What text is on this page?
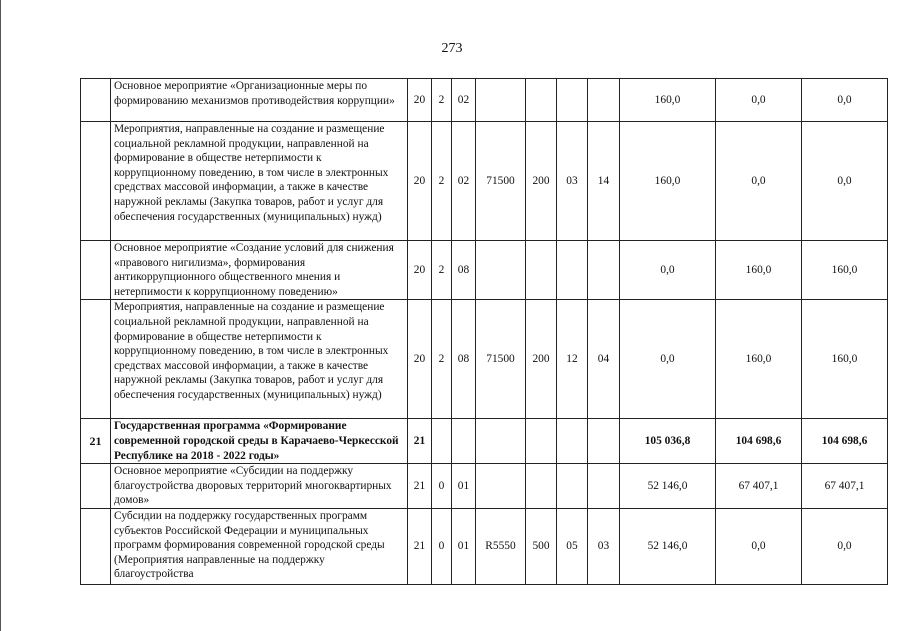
273
	Основное мероприятие «Организационные меры по формированию механизмов противодействия коррупции»	20	2	02					160,0	0,0	0,0
	Мероприятия, направленные на создание и размещение социальной рекламной продукции, направленной на формирование в обществе нетерпимости к коррупционному поведению, в том числе в электронных средствах массовой информации, а также в качестве наружной рекламы (Закупка товаров, работ и услуг для обеспечения государственных (муниципальных) нужд)	20	2	02	71500	200	03	14	160,0	0,0	0,0
	Основное мероприятие «Создание условий для снижения «правового нигилизма», формирования антикоррупционного общественного мнения и нетерпимости к коррупционному поведению»	20	2	08					0,0	160,0	160,0
	Мероприятия, направленные на создание и размещение социальной рекламной продукции, направленной на формирование в обществе нетерпимости к коррупционному поведению, в том числе в электронных средствах массовой информации, а также в качестве наружной рекламы (Закупка товаров, работ и услуг для обеспечения государственных (муниципальных) нужд)	20	2	08	71500	200	12	04	0,0	160,0	160,0
21	Государственная программа «Формирование современной городской среды в Карачаево-Черкесской Республике на 2018 - 2022 годы»	21							105 036,8	104 698,6	104 698,6
	Основное мероприятие «Субсидии на поддержку благоустройства дворовых территорий многоквартирных домов»	21	0	01					52 146,0	67 407,1	67 407,1
	Субсидии на поддержку государственных программ субъектов Российской Федерации и муниципальных программ формирования современной городской среды (Мероприятия направленные на поддержку благоустройства	21	0	01	R5550	500	05	03	52 146,0	0,0	0,0
